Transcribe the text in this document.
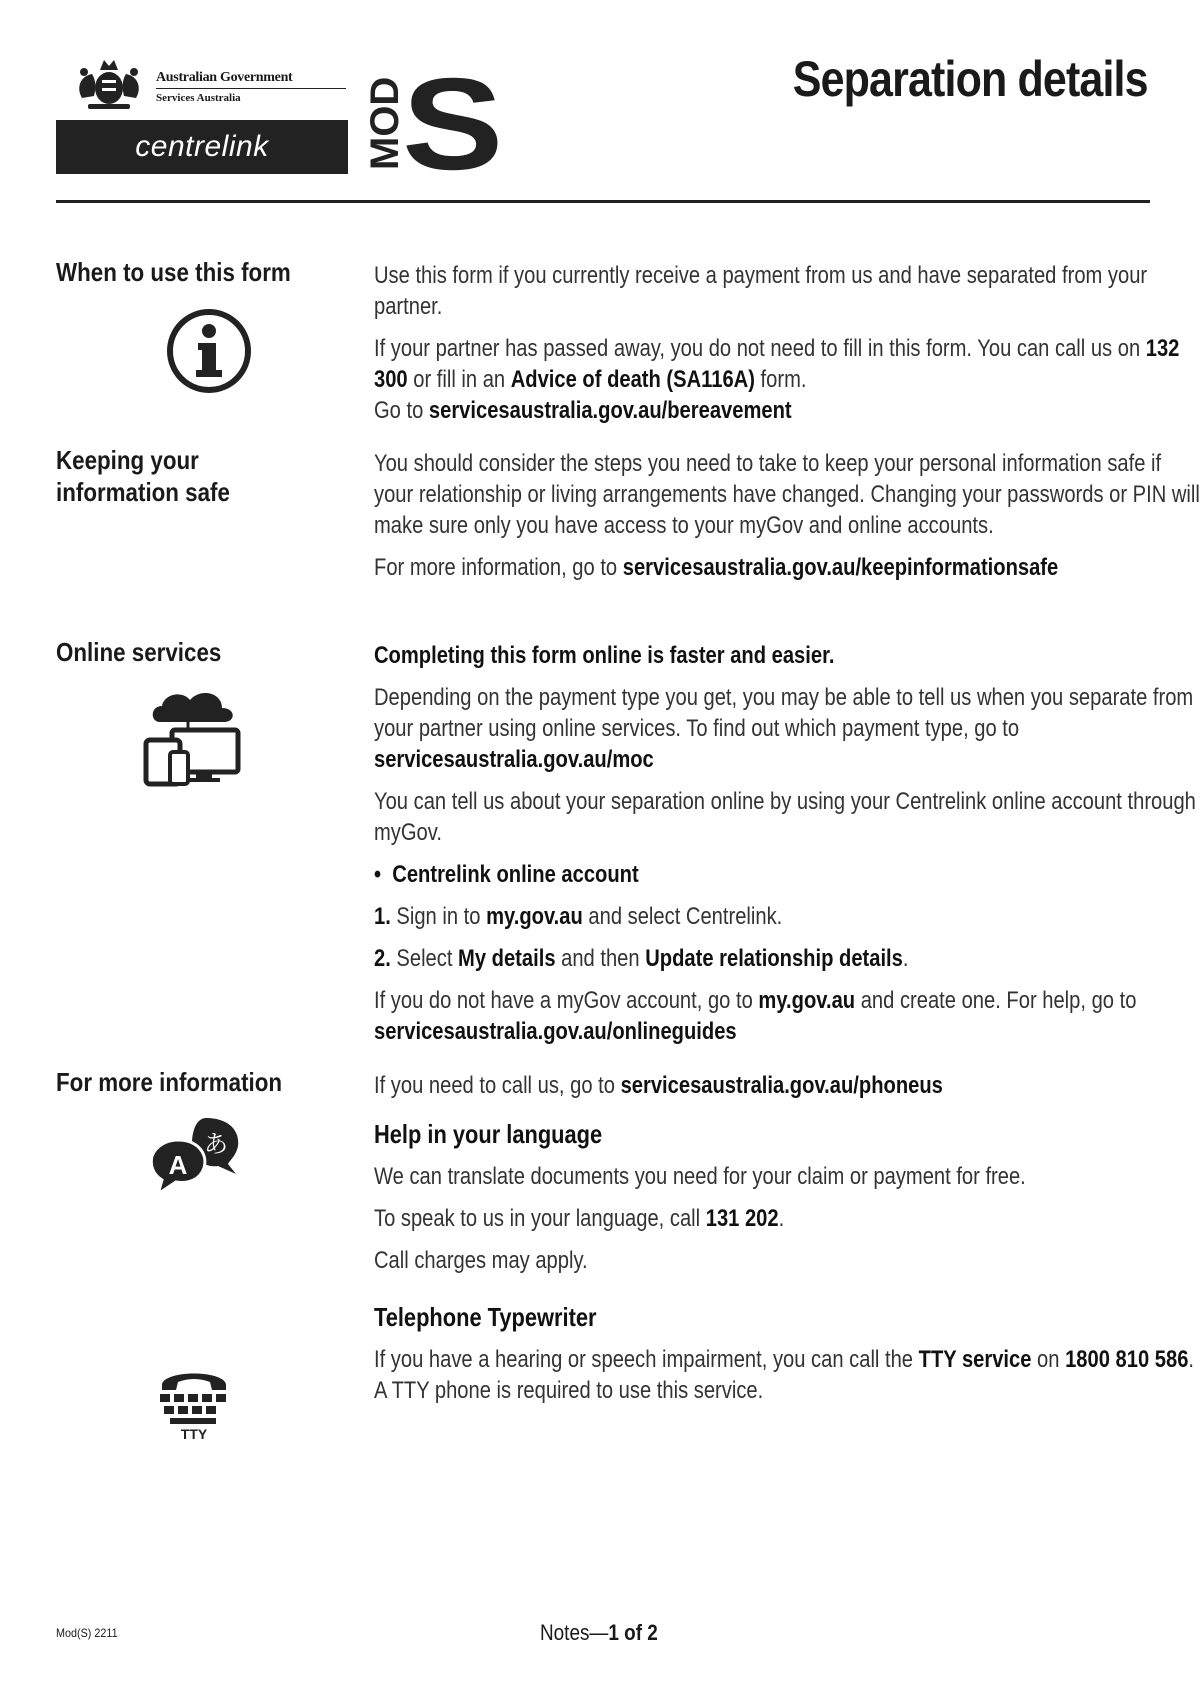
Australian Government
Services Australia
centrelink	MOD
S	Separation details
When to use this form	Use this form if you currently receive a payment from us and have separated from your partner.

If your partner has passed away, you do not need to fill in this form. You can call us on 132 300 or fill in an Advice of death (SA116A) form.
Go to servicesaustralia.gov.au/bereavement

Keeping your
information safe

You should consider the steps you need to take to keep your personal information safe if your relationship or living arrangements have changed. Changing your passwords or PIN will make sure only you have access to your myGov and online accounts.

For more information, go to servicesaustralia.gov.au/keepinformationsafe

Online services	Completing this form online is faster and easier.

Depending on the payment type you get, you may be able to tell us when you separate from your partner using online services. To find out which payment type, go to servicesaustralia.gov.au/moc

You can tell us about your separation online by using your Centrelink online account through myGov.

•  Centrelink online account

1. Sign in to my.gov.au and select Centrelink.

2. Select My details and then Update relationship details.

If you do not have a myGov account, go to my.gov.au and create one. For help, go to servicesaustralia.gov.au/onlineguides

For more information
あ
A
TTY

If you need to call us, go to servicesaustralia.gov.au/phoneus

Help in your language

We can translate documents you need for your claim or payment for free.

To speak to us in your language, call 131 202.

Call charges may apply.

Telephone Typewriter

If you have a hearing or speech impairment, you can call the TTY service on 1800 810 586. A TTY phone is required to use this service.

Mod(S) 2211	Notes—1 of 2
